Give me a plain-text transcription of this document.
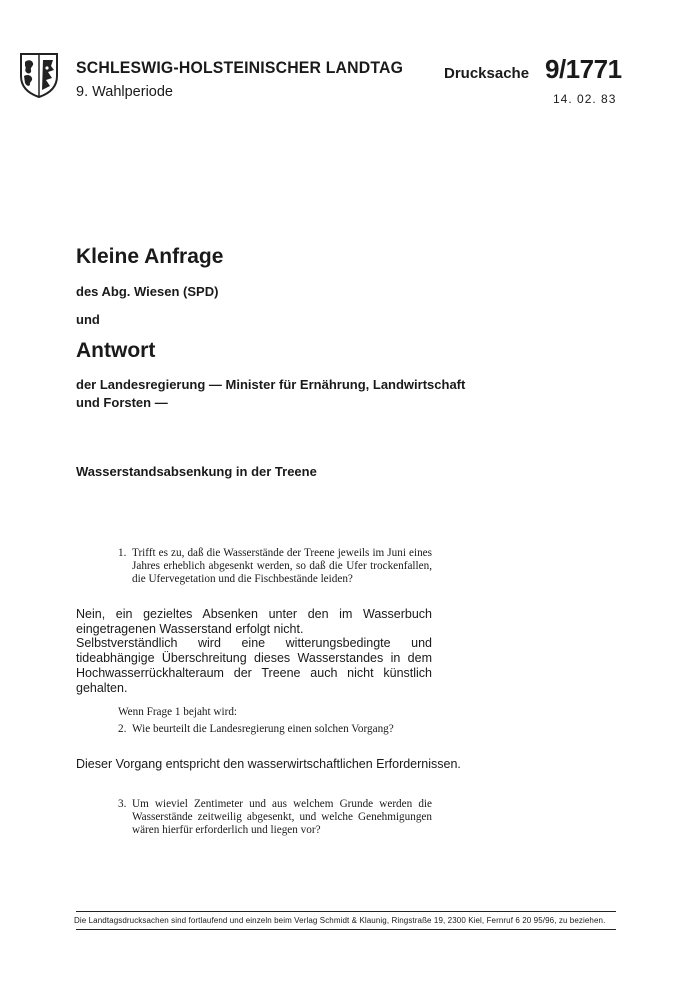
SCHLESWIG-HOLSTEINISCHER LANDTAG
9. Wahlperiode
Drucksache 9/1771
14. 02. 83
Kleine Anfrage
des Abg. Wiesen (SPD)
und
Antwort
der Landesregierung — Minister für Ernährung, Landwirtschaft und Forsten —
Wasserstandsabsenkung in der Treene
1. Trifft es zu, daß die Wasserstände der Treene jeweils im Juni eines Jahres erheblich abgesenkt werden, so daß die Ufer trockenfallen, die Ufervegetation und die Fischbestände leiden?
Nein, ein gezieltes Absenken unter den im Wasserbuch eingetragenen Wasserstand erfolgt nicht.
Selbstverständlich wird eine witterungsbedingte und tideabhängige Überschreitung dieses Wasserstandes in dem Hochwasserrückhalteraum der Treene auch nicht künstlich gehalten.
Wenn Frage 1 bejaht wird:
2. Wie beurteilt die Landesregierung einen solchen Vorgang?
Dieser Vorgang entspricht den wasserwirtschaftlichen Erfordernissen.
3. Um wieviel Zentimeter und aus welchem Grunde werden die Wasserstände zeitweilig abgesenkt, und welche Genehmigungen wären hierfür erforderlich und liegen vor?
Die Landtagsdrucksachen sind fortlaufend und einzeln beim Verlag Schmidt & Klaunig, Ringstraße 19, 2300 Kiel, Fernruf 6 20 95/96, zu beziehen.
